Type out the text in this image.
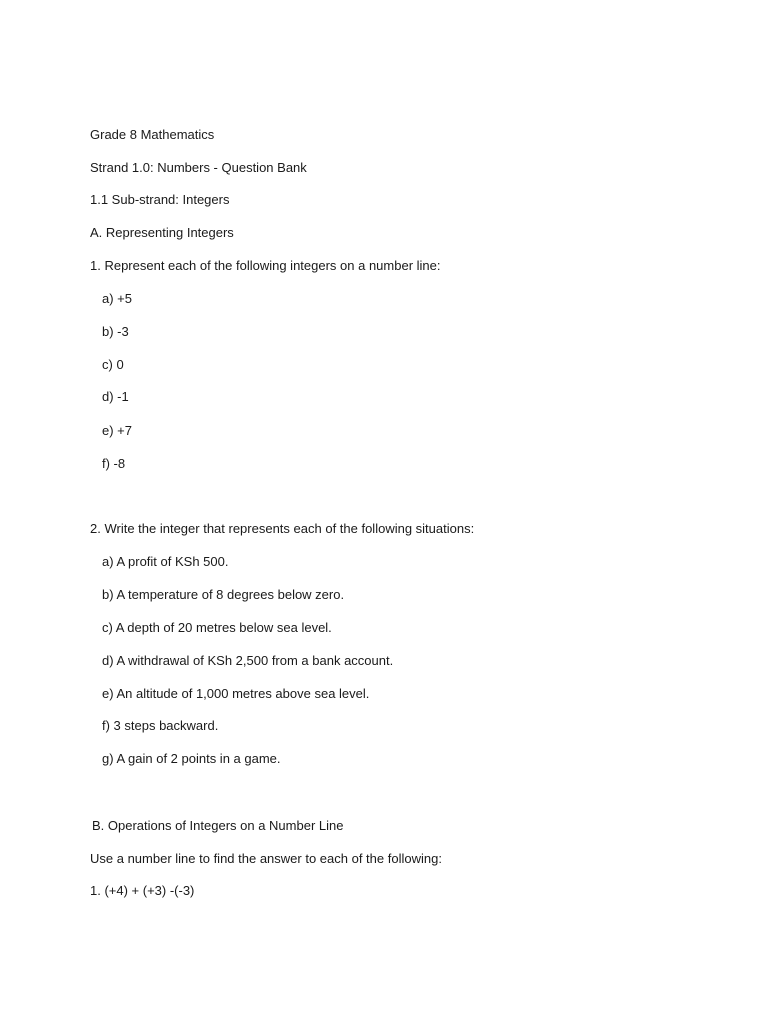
Grade 8 Mathematics
Strand 1.0: Numbers - Question Bank
1.1 Sub-strand: Integers
A. Representing Integers
1. Represent each of the following integers on a number line:
a) +5
b) -3
c) 0
d) -1
e) +7
f) -8
2. Write the integer that represents each of the following situations:
a) A profit of KSh 500.
b) A temperature of 8 degrees below zero.
c) A depth of 20 metres below sea level.
d) A withdrawal of KSh 2,500 from a bank account.
e) An altitude of 1,000 metres above sea level.
f) 3 steps backward.
g) A gain of 2 points in a game.
B. Operations of Integers on a Number Line
Use a number line to find the answer to each of the following:
1. (+4) + (+3) -(-3)
